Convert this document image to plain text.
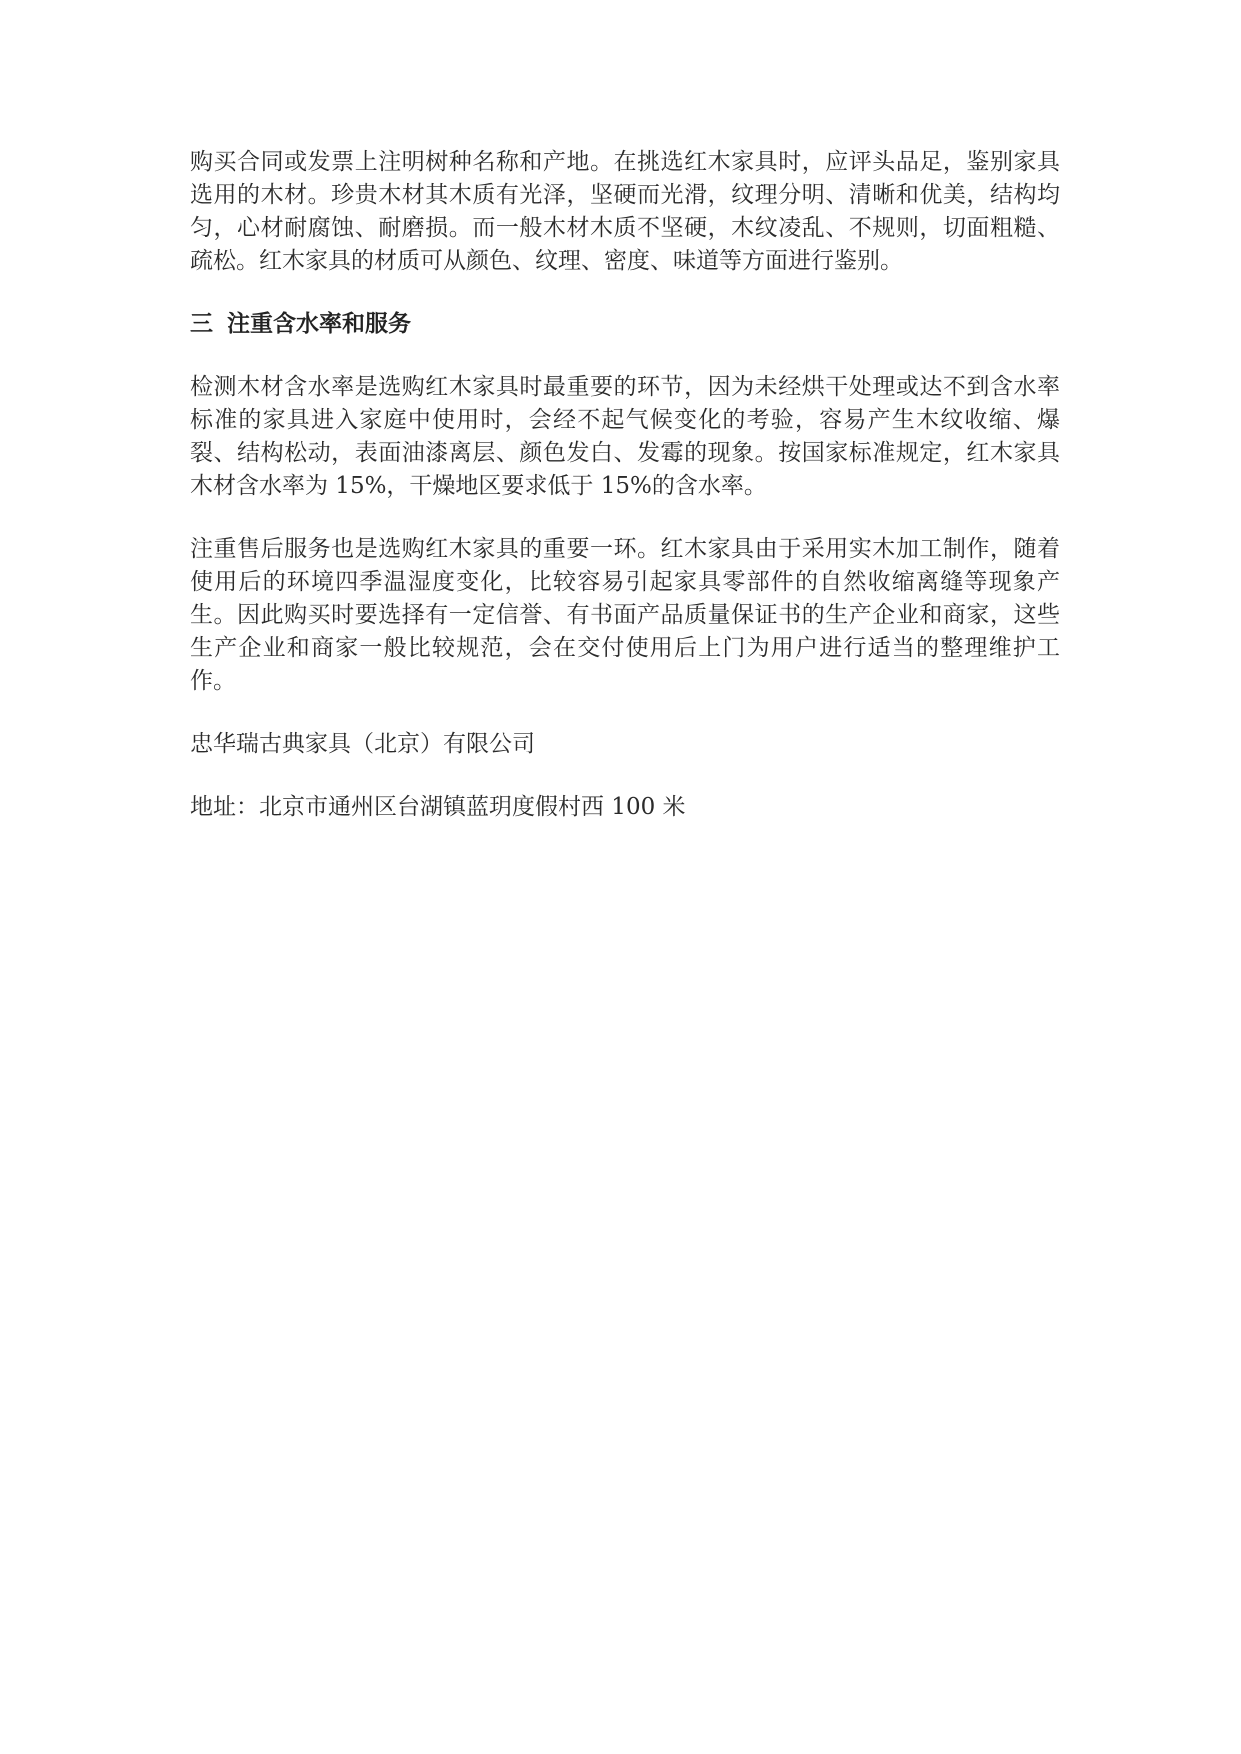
购买合同或发票上注明树种名称和产地。在挑选红木家具时，应评头品足，鉴别家具选用的木材。珍贵木材其木质有光泽，坚硬而光滑，纹理分明、清晰和优美，结构均匀，心材耐腐蚀、耐磨损。而一般木材木质不坚硬，木纹凌乱、不规则，切面粗糙、疏松。红木家具的材质可从颜色、纹理、密度、味道等方面进行鉴别。

三 注重含水率和服务

检测木材含水率是选购红木家具时最重要的环节，因为未经烘干处理或达不到含水率标准的家具进入家庭中使用时，会经不起气候变化的考验，容易产生木纹收缩、爆裂、结构松动，表面油漆离层、颜色发白、发霉的现象。按国家标准规定，红木家具木材含水率为 15%，干燥地区要求低于 15%的含水率。

注重售后服务也是选购红木家具的重要一环。红木家具由于采用实木加工制作，随着使用后的环境四季温湿度变化，比较容易引起家具零部件的自然收缩离缝等现象产生。因此购买时要选择有一定信誉、有书面产品质量保证书的生产企业和商家，这些生产企业和商家一般比较规范，会在交付使用后上门为用户进行适当的整理维护工作。

忠华瑞古典家具（北京）有限公司

地址：北京市通州区台湖镇蓝玥度假村西 100 米
